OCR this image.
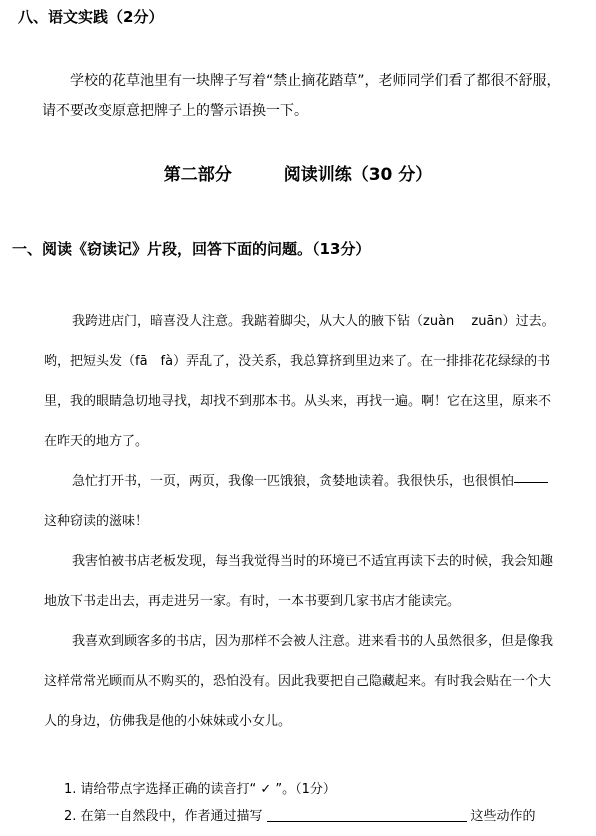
八、语文实践（2分）
学校的花草池里有一块牌子写着“禁止摘花踏草”，老师同学们看了都很不舒服，请不要改变原意把牌子上的警示语换一下。
第二部分	阅读训练（30 分）
一、阅读《窃读记》片段，回答下面的问题。（13分）

我跨进店门，暗喜没人注意。我踮着脚尖，从大人的腋下钻（zuàn　 zuān）过去。哟，把短头发（fā　fà）弄乱了，没关系，我总算挤到里边来了。在一排排花花绿绿的书里，我的眼睛急切地寻找，却找不到那本书。从头来，再找一遍。啊！它在这里，原来不在昨天的地方了。

急忙打开书，一页，两页，我像一匹饿狼，贪婪地读着。我很快乐，也很惧怕

这种窃读的滋味！

我害怕被书店老板发现，每当我觉得当时的环境已不适宜再读下去的时候，我会知趣地放下书走出去，再走进另一家。有时，一本书要到几家书店才能读完。

我喜欢到顾客多的书店，因为那样不会被人注意。进来看书的人虽然很多，但是像我这样常常光顾而从不购买的，恐怕没有。因此我要把自己隐藏起来。有时我会贴在一个大人的身边，仿佛我是他的小妹妹或小女儿。

1. 请给带点字选择正确的读音打“ ✓ ”。（1分）

2. 在第一自然段中，作者通过描写	这些动作的
